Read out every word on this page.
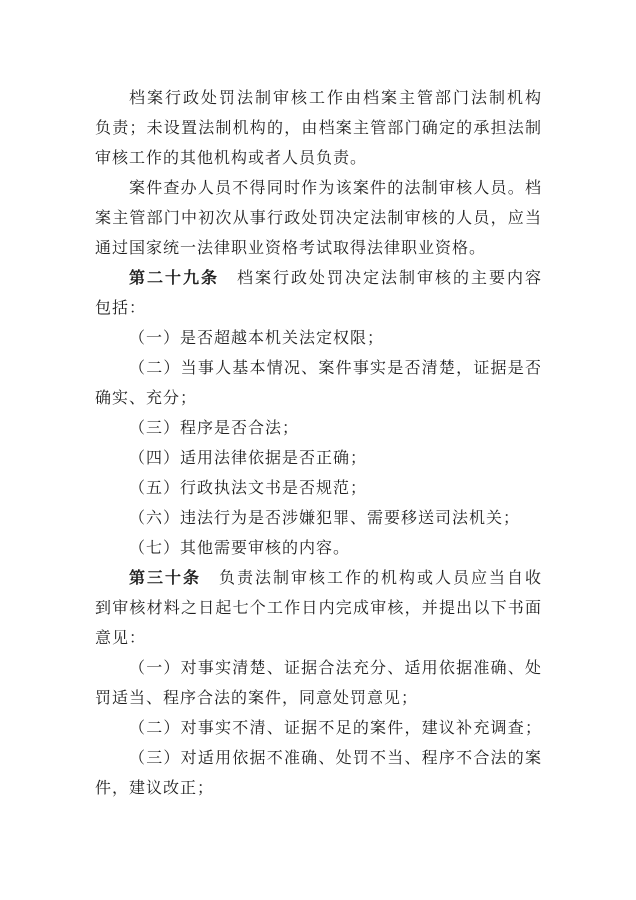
档案行政处罚法制审核工作由档案主管部门法制机构
负责；未设置法制机构的，由档案主管部门确定的承担法制
审核工作的其他机构或者人员负责。
案件查办人员不得同时作为该案件的法制审核人员。档
案主管部门中初次从事行政处罚决定法制审核的人员，应当
通过国家统一法律职业资格考试取得法律职业资格。
第二十九条　档案行政处罚决定法制审核的主要内容
包括：
（一）是否超越本机关法定权限；
（二）当事人基本情况、案件事实是否清楚，证据是否
确实、充分；
（三）程序是否合法；
（四）适用法律依据是否正确；
（五）行政执法文书是否规范；
（六）违法行为是否涉嫌犯罪、需要移送司法机关；
（七）其他需要审核的内容。
第三十条　负责法制审核工作的机构或人员应当自收
到审核材料之日起七个工作日内完成审核，并提出以下书面
意见：
（一）对事实清楚、证据合法充分、适用依据准确、处
罚适当、程序合法的案件，同意处罚意见；
（二）对事实不清、证据不足的案件，建议补充调查；
（三）对适用依据不准确、处罚不当、程序不合法的案
件，建议改正；
